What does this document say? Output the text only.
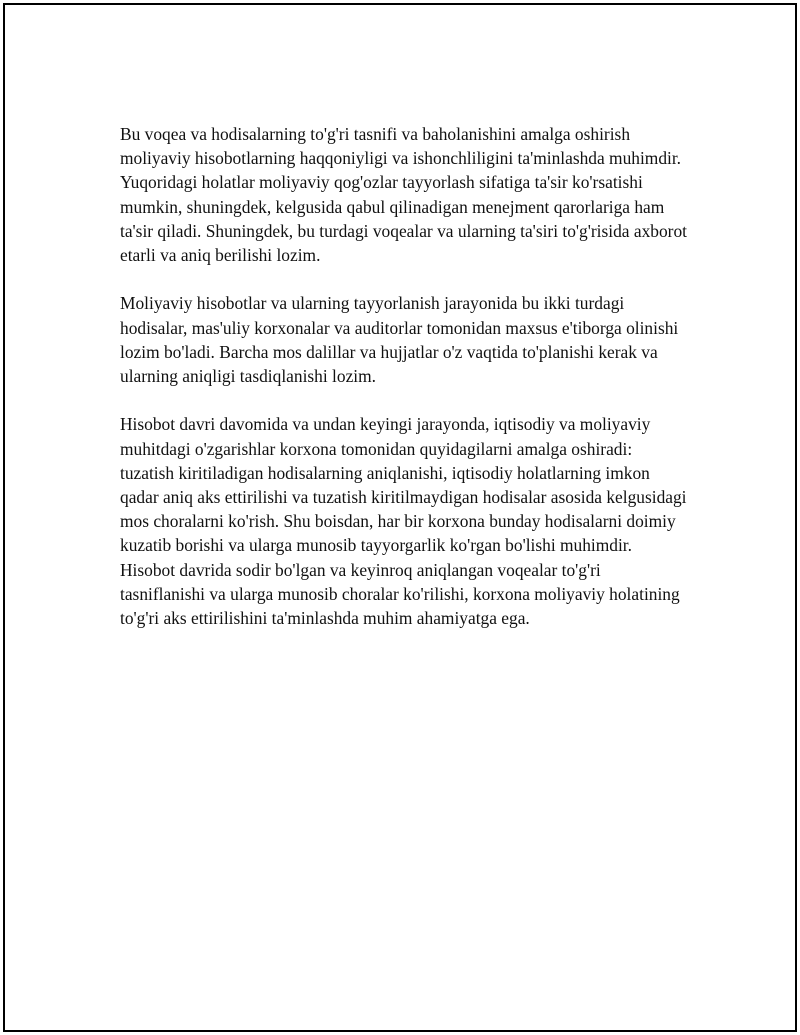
Bu voqea va hodisalarning to'g'ri tasnifi va baholanishini amalga oshirish moliyaviy hisobotlarning haqqoniyligi va ishonchliligini ta'minlashda muhimdir. Yuqoridagi holatlar moliyaviy qog'ozlar tayyorlash sifatiga ta'sir ko'rsatishi mumkin, shuningdek, kelgusida qabul qilinadigan menejment qarorlariga ham ta'sir qiladi. Shuningdek, bu turdagi voqealar va ularning ta'siri to'g'risida axborot etarli va aniq berilishi lozim.

Moliyaviy hisobotlar va ularning tayyorlanish jarayonida bu ikki turdagi hodisalar, mas'uliy korxonalar va auditorlar tomonidan maxsus e'tiborga olinishi lozim bo'ladi. Barcha mos dalillar va hujjatlar o'z vaqtida to'planishi kerak va ularning aniqligi tasdiqlanishi lozim.

Hisobot davri davomida va undan keyingi jarayonda, iqtisodiy va moliyaviy muhitdagi o'zgarishlar korxona tomonidan quyidagilarni amalga oshiradi: tuzatish kiritiladigan hodisalarning aniqlanishi, iqtisodiy holatlarning imkon qadar aniq aks ettirilishi va tuzatish kiritilmaydigan hodisalar asosida kelgusidagi mos choralarni ko'rish. Shu boisdan, har bir korxona bunday hodisalarni doimiy kuzatib borishi va ularga munosib tayyorgarlik ko'rgan bo'lishi muhimdir. Hisobot davrida sodir bo'lgan va keyinroq aniqlangan voqealar to'g'ri tasniflanishi va ularga munosib choralar ko'rilishi, korxona moliyaviy holatining to'g'ri aks ettirilishini ta'minlashda muhim ahamiyatga ega.
